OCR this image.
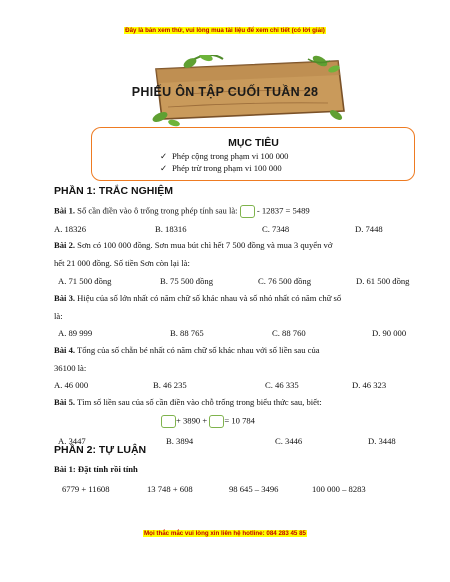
Đây là bản xem thử, vui lòng mua tài liệu để xem chi tiết (có lời giải)
PHIẾU ÔN TẬP CUỐI TUẦN 28
MỤC TIÊU
✓ Phép cộng trong phạm vi 100 000
✓ Phép trừ trong phạm vi 100 000
PHẦN 1: TRẮC NGHIỆM
Bài 1. Số cần điền vào ô trống trong phép tính sau là: - 12837 = 5489
A. 18326	B. 18316	C. 7348	D. 7448
Bài 2. Sơn có 100 000 đồng. Sơn mua bút chì hết 7 500 đồng và mua 3 quyển vở
hết 21 000 đồng. Số tiền Sơn còn lại là:
A. 71 500 đồng	B. 75 500 đồng	C. 76 500 đồng	D. 61 500 đồng
Bài 3. Hiệu của số lớn nhất có năm chữ số khác nhau và số nhỏ nhất có năm chữ số
là:
A. 89 999	B. 88 765	C. 88 760	D. 90 000
Bài 4. Tổng của số chẵn bé nhất có năm chữ số khác nhau với số liền sau của
36100 là:
A. 46 000	B. 46 235	C. 46 335	D. 46 323
Bài 5. Tìm số liền sau của số cần điền vào chỗ trống trong biểu thức sau, biết:
+ 3890 + = 10 784
A. 3447	B. 3894	C. 3446	D. 3448
PHẦN 2: TỰ LUẬN
Bài 1: Đặt tính rồi tính
6779 + 11608	13 748 + 608	98 645 – 3496	100 000 – 8283
Mọi thắc mắc vui lòng xin liên hệ hotline: 084 283 45 85
